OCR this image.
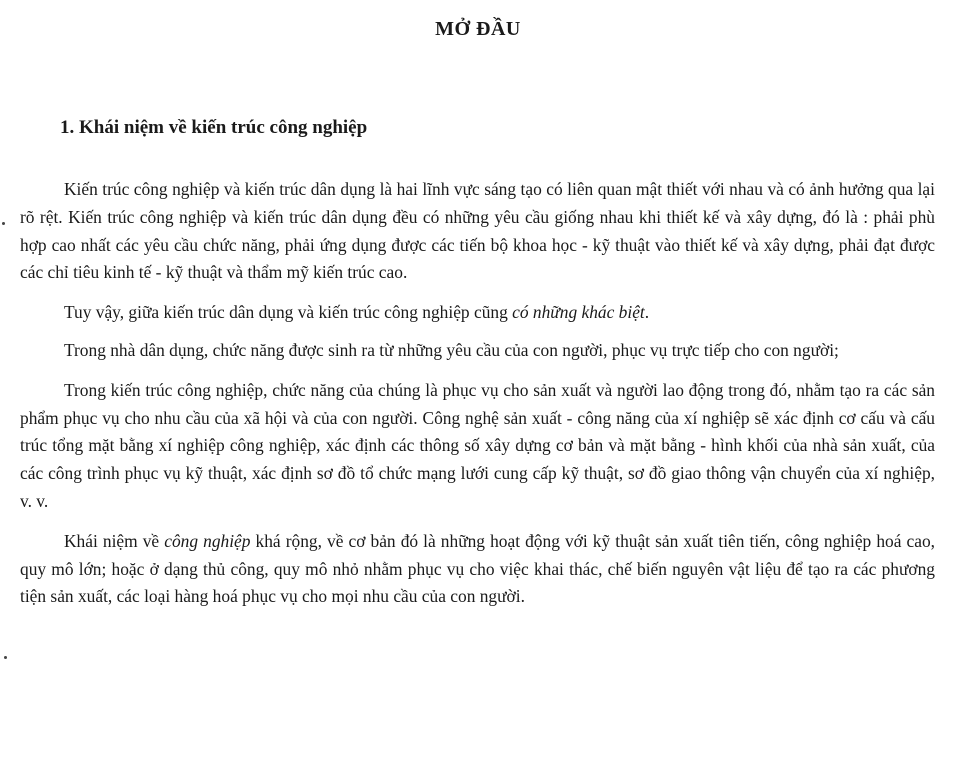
MỞ ĐẦU
1. Khái niệm về kiến trúc công nghiệp

Kiến trúc công nghiệp và kiến trúc dân dụng là hai lĩnh vực sáng tạo có liên quan mật thiết với nhau và có ảnh hưởng qua lại rõ rệt. Kiến trúc công nghiệp và kiến trúc dân dụng đều có những yêu cầu giống nhau khi thiết kế và xây dựng, đó là : phải phù hợp cao nhất các yêu cầu chức năng, phải ứng dụng được các tiến bộ khoa học - kỹ thuật vào thiết kế và xây dựng, phải đạt được các chỉ tiêu kinh tế - kỹ thuật và thẩm mỹ kiến trúc cao.

Tuy vậy, giữa kiến trúc dân dụng và kiến trúc công nghiệp cũng có những khác biệt.

Trong nhà dân dụng, chức năng được sinh ra từ những yêu cầu của con người, phục vụ trực tiếp cho con người;

Trong kiến trúc công nghiệp, chức năng của chúng là phục vụ cho sản xuất và người lao động trong đó, nhằm tạo ra các sản phẩm phục vụ cho nhu cầu của xã hội và của con người. Công nghệ sản xuất - công năng của xí nghiệp sẽ xác định cơ cấu và cấu trúc tổng mặt bằng xí nghiệp công nghiệp, xác định các thông số xây dựng cơ bản và mặt bằng - hình khối của nhà sản xuất, của các công trình phục vụ kỹ thuật, xác định sơ đồ tổ chức mạng lưới cung cấp kỹ thuật, sơ đồ giao thông vận chuyển của xí nghiệp, v. v.

Khái niệm về công nghiệp khá rộng, về cơ bản đó là những hoạt động với kỹ thuật sản xuất tiên tiến, công nghiệp hoá cao, quy mô lớn; hoặc ở dạng thủ công, quy mô nhỏ nhằm phục vụ cho việc khai thác, chế biến nguyên vật liệu để tạo ra các phương tiện sản xuất, các loại hàng hoá phục vụ cho mọi nhu cầu của con người.
